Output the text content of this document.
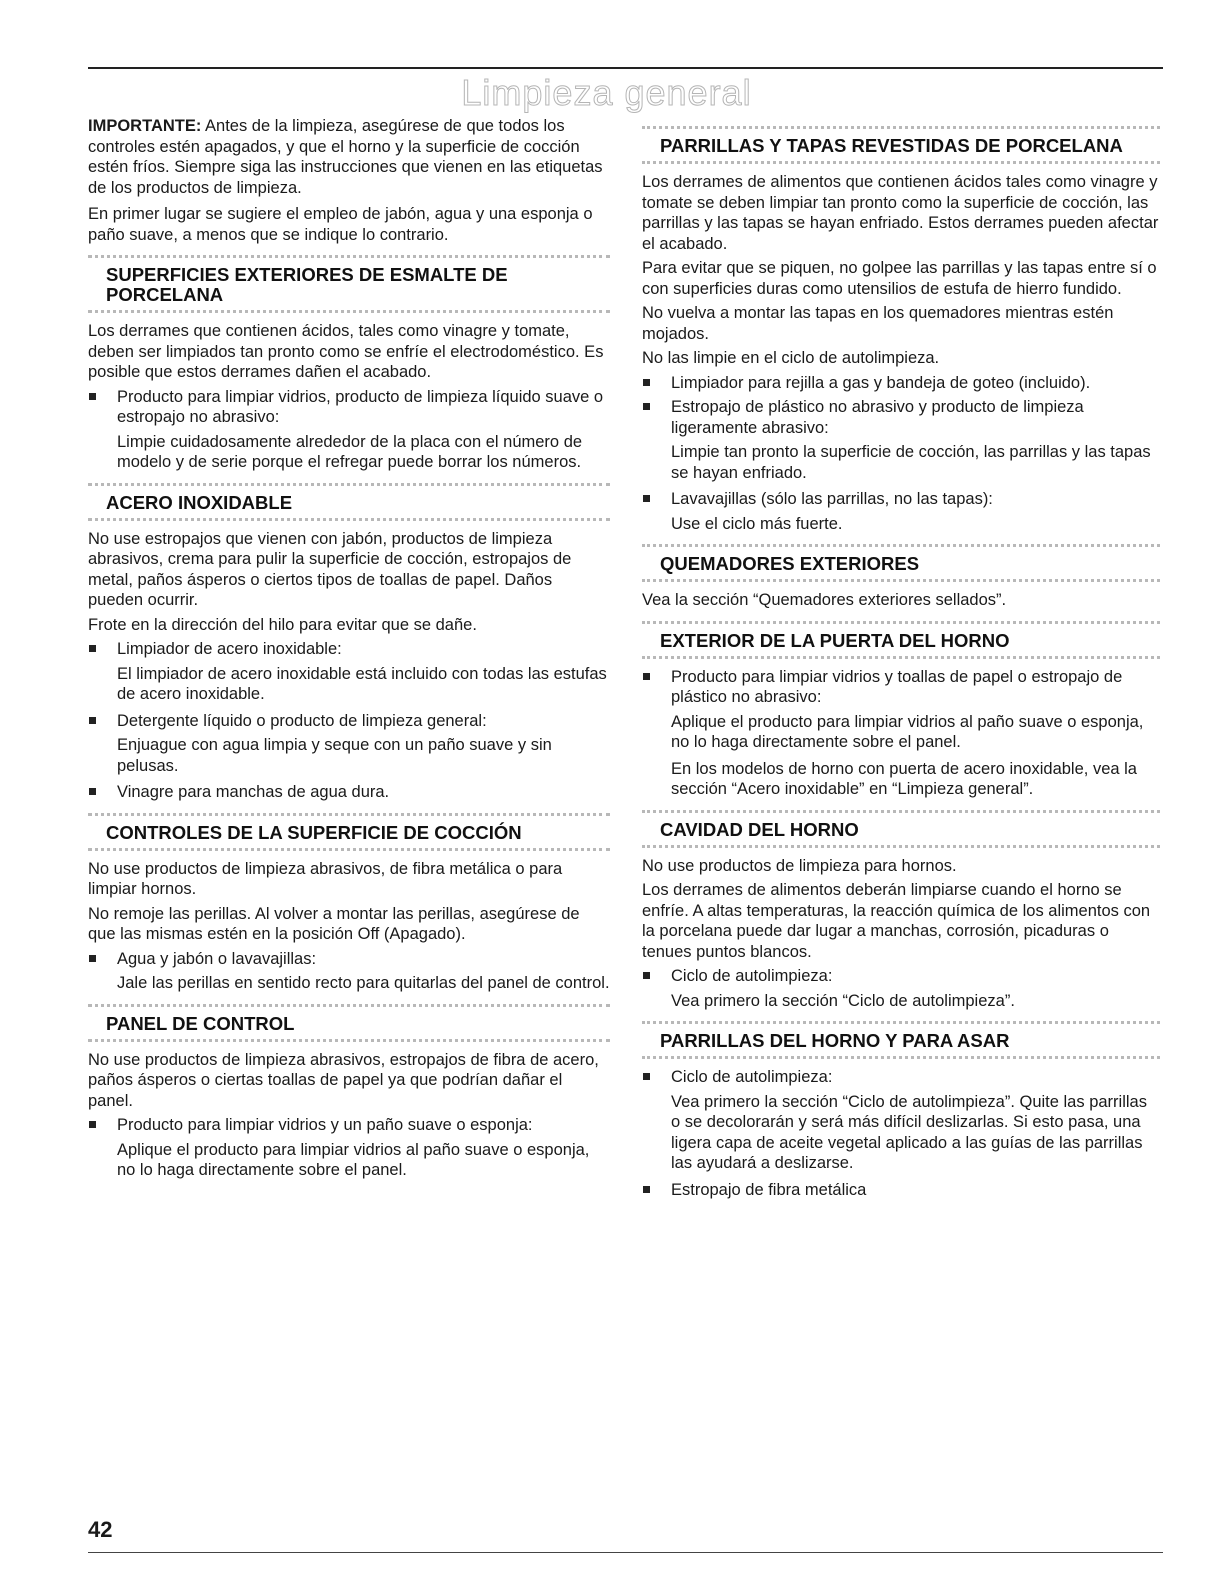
Limpieza general

IMPORTANTE: Antes de la limpieza, asegúrese de que todos los controles estén apagados, y que el horno y la superficie de cocción estén fríos. Siempre siga las instrucciones que vienen en las etiquetas de los productos de limpieza.

En primer lugar se sugiere el empleo de jabón, agua y una esponja o paño suave, a menos que se indique lo contrario.

SUPERFICIES EXTERIORES DE ESMALTE DE PORCELANA

Los derrames que contienen ácidos, tales como vinagre y tomate, deben ser limpiados tan pronto como se enfríe el electrodoméstico. Es posible que estos derrames dañen el acabado.

Producto para limpiar vidrios, producto de limpieza líquido suave o estropajo no abrasivo:

Limpie cuidadosamente alrededor de la placa con el número de modelo y de serie porque el refregar puede borrar los números.

ACERO INOXIDABLE

No use estropajos que vienen con jabón, productos de limpieza abrasivos, crema para pulir la superficie de cocción, estropajos de metal, paños ásperos o ciertos tipos de toallas de papel. Daños pueden ocurrir.

Frote en la dirección del hilo para evitar que se dañe.

Limpiador de acero inoxidable:

El limpiador de acero inoxidable está incluido con todas las estufas de acero inoxidable.

Detergente líquido o producto de limpieza general:

Enjuague con agua limpia y seque con un paño suave y sin pelusas.

Vinagre para manchas de agua dura.
CONTROLES DE LA SUPERFICIE DE COCCIÓN

No use productos de limpieza abrasivos, de fibra metálica o para limpiar hornos.

No remoje las perillas. Al volver a montar las perillas, asegúrese de que las mismas estén en la posición Off (Apagado).

Agua y jabón o lavavajillas:

Jale las perillas en sentido recto para quitarlas del panel de control.

PANEL DE CONTROL

No use productos de limpieza abrasivos, estropajos de fibra de acero, paños ásperos o ciertas toallas de papel ya que podrían dañar el panel.

Producto para limpiar vidrios y un paño suave o esponja:

Aplique el producto para limpiar vidrios al paño suave o esponja, no lo haga directamente sobre el panel.

PARRILLAS Y TAPAS REVESTIDAS DE PORCELANA

Los derrames de alimentos que contienen ácidos tales como vinagre y tomate se deben limpiar tan pronto como la superficie de cocción, las parrillas y las tapas se hayan enfriado. Estos derrames pueden afectar el acabado.

Para evitar que se piquen, no golpee las parrillas y las tapas entre sí o con superficies duras como utensilios de estufa de hierro fundido.

No vuelva a montar las tapas en los quemadores mientras estén mojados.

No las limpie en el ciclo de autolimpieza.

Limpiador para rejilla a gas y bandeja de goteo (incluido).
Estropajo de plástico no abrasivo y producto de limpieza ligeramente abrasivo:

Limpie tan pronto la superficie de cocción, las parrillas y las tapas se hayan enfriado.

Lavavajillas (sólo las parrillas, no las tapas):

Use el ciclo más fuerte.

QUEMADORES EXTERIORES

Vea la sección “Quemadores exteriores sellados”.

EXTERIOR DE LA PUERTA DEL HORNO
Producto para limpiar vidrios y toallas de papel o estropajo de plástico no abrasivo:

Aplique el producto para limpiar vidrios al paño suave o esponja, no lo haga directamente sobre el panel.

En los modelos de horno con puerta de acero inoxidable, vea la sección “Acero inoxidable” en “Limpieza general”.

CAVIDAD DEL HORNO

No use productos de limpieza para hornos.

Los derrames de alimentos deberán limpiarse cuando el horno se enfríe. A altas temperaturas, la reacción química de los alimentos con la porcelana puede dar lugar a manchas, corrosión, picaduras o tenues puntos blancos.

Ciclo de autolimpieza:

Vea primero la sección “Ciclo de autolimpieza”.

PARRILLAS DEL HORNO Y PARA ASAR
Ciclo de autolimpieza:

Vea primero la sección “Ciclo de autolimpieza”. Quite las parrillas o se decolorarán y será más difícil deslizarlas. Si esto pasa, una ligera capa de aceite vegetal aplicado a las guías de las parrillas las ayudará a deslizarse.

Estropajo de fibra metálica
42
